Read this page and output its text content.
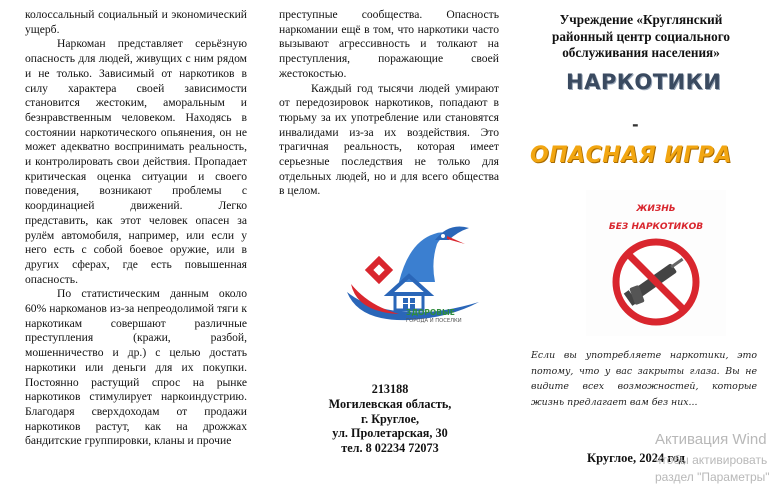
колоссальный социальный и экономический ущерб.

Наркоман представляет серьёзную опасность для людей, живущих с ним рядом и не только. Зависимый от наркотиков в силу характера своей зависимости становится жестоким, аморальным и безнравственным человеком. Находясь в состоянии наркотического опьянения, он не может адекватно воспринимать реальность, и контролировать свои действия. Пропадает критическая оценка ситуации и своего поведения, возникают проблемы с координацией движений. Легко представить, как этот человек опасен за рулём автомобиля, например, или если у него есть с собой боевое оружие, или в других сферах, где есть повышенная опасность.

По статистическим данным около 60% наркоманов из-за непреодолимой тяги к наркотикам совершают различные преступления (кражи, разбой, мошенничество и др.) с целью достать наркотики или деньги для их покупки. Постоянно растущий спрос на рынке наркотиков стимулирует наркоиндустрию. Благодаря сверхдоходам от продажи наркотиков растут, как на дрожжах бандитские группировки, кланы и прочие

преступные сообщества. Опасность наркомании ещё в том, что наркотики часто вызывают агрессивность и толкают на преступления, поражающие своей жестокостью.

Каждый год тысячи людей умирают от передозировок наркотиков, попадают в тюрьму за их употребление или становятся инвалидами из-за их воздействия. Это трагичная реальность, которая имеет серьезные последствия не только для отдельных людей, но и для всего общества в целом.

ЗДОРОВЫЕ
ГОРОДА И ПОСЕЛКИ
213188
Могилевская область,
г. Круглое,
ул. Пролетарская, 30
тел. 8 02234 72073
Учреждение «Круглянский районный центр социального обслуживания населения»
НАРКОТИКИ
-
ОПАСНАЯ ИГРА
ЖИЗНЬ
БЕЗ НАРКОТИКОВ
Если вы употребляете наркотики, это потому, что у вас закрыты глаза. Вы не видите всех возможностей, которые жизнь предлагает вам без них...
Круглое, 2024 год
Активация Wind
чтобы активировать
раздел "Параметры"
